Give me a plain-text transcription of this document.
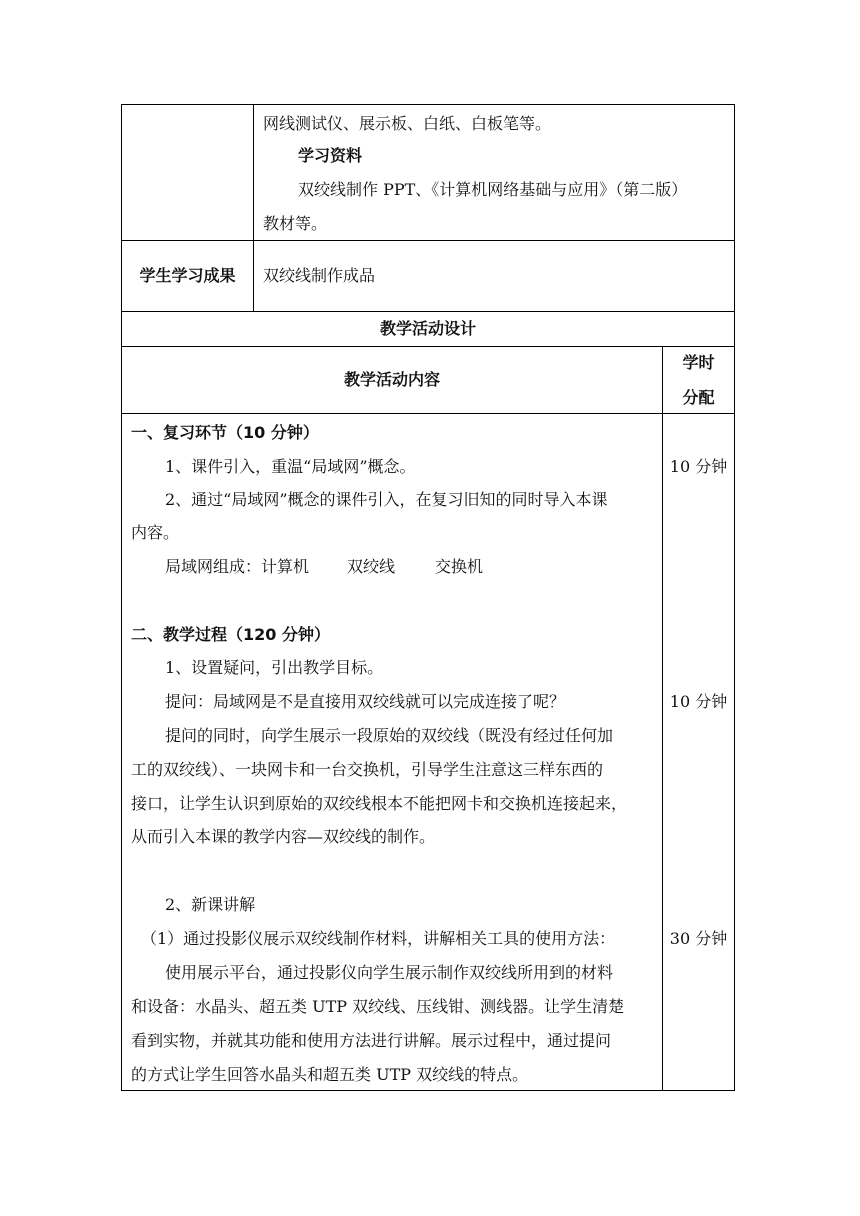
网线测试仪、展示板、白纸、白板笔等。
学习资料
双绞线制作 PPT、《计算机网络基础与应用》（第二版）
教材等。
学生学习成果	双绞线制作成品
教学活动设计
教学活动内容
学时
分配
一、复习环节（10 分钟）
1、课件引入，重温“局域网”概念。
2、通过“局域网”概念的课件引入，在复习旧知的同时导入本课
内容。
局域网组成：计算机 双绞线 交换机
10 分钟
二、教学过程（120 分钟）
1、设置疑问，引出教学目标。
提问：局域网是不是直接用双绞线就可以完成连接了呢？
提问的同时，向学生展示一段原始的双绞线（既没有经过任何加
工的双绞线）、一块网卡和一台交换机，引导学生注意这三样东西的
接口，让学生认识到原始的双绞线根本不能把网卡和交换机连接起来，
从而引入本课的教学内容—双绞线的制作。
10 分钟
2、新课讲解
（1）通过投影仪展示双绞线制作材料，讲解相关工具的使用方法：
使用展示平台，通过投影仪向学生展示制作双绞线所用到的材料
和设备：水晶头、超五类 UTP 双绞线、压线钳、测线器。让学生清楚
看到实物，并就其功能和使用方法进行讲解。展示过程中，通过提问
的方式让学生回答水晶头和超五类 UTP 双绞线的特点。
30 分钟
